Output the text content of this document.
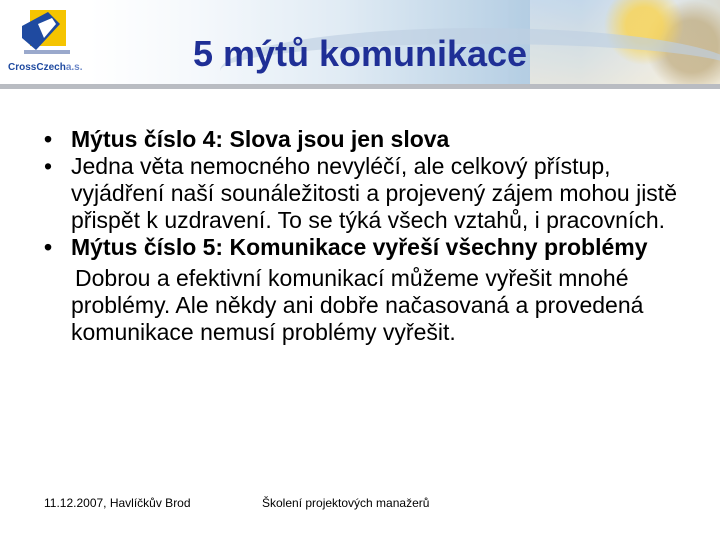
CrossCzecha.s.	5 mýtů komunikace

• Mýtus číslo 4: Slova jsou jen slova

• Jedna věta nemocného nevyléčí, ale celkový přístup, vyjádření naší sounáležitosti a projevený zájem mohou jistě přispět k uzdravení. To se týká všech vztahů, i pracovních.

• Mýtus číslo 5: Komunikace vyřeší všechny problémy

Dobrou a efektivní komunikací můžeme vyřešit mnohé problémy. Ale někdy ani dobře načasovaná a provedená komunikace nemusí problémy vyřešit.

11.12.2007, Havlíčkův Brod	Školení projektových manažerů
